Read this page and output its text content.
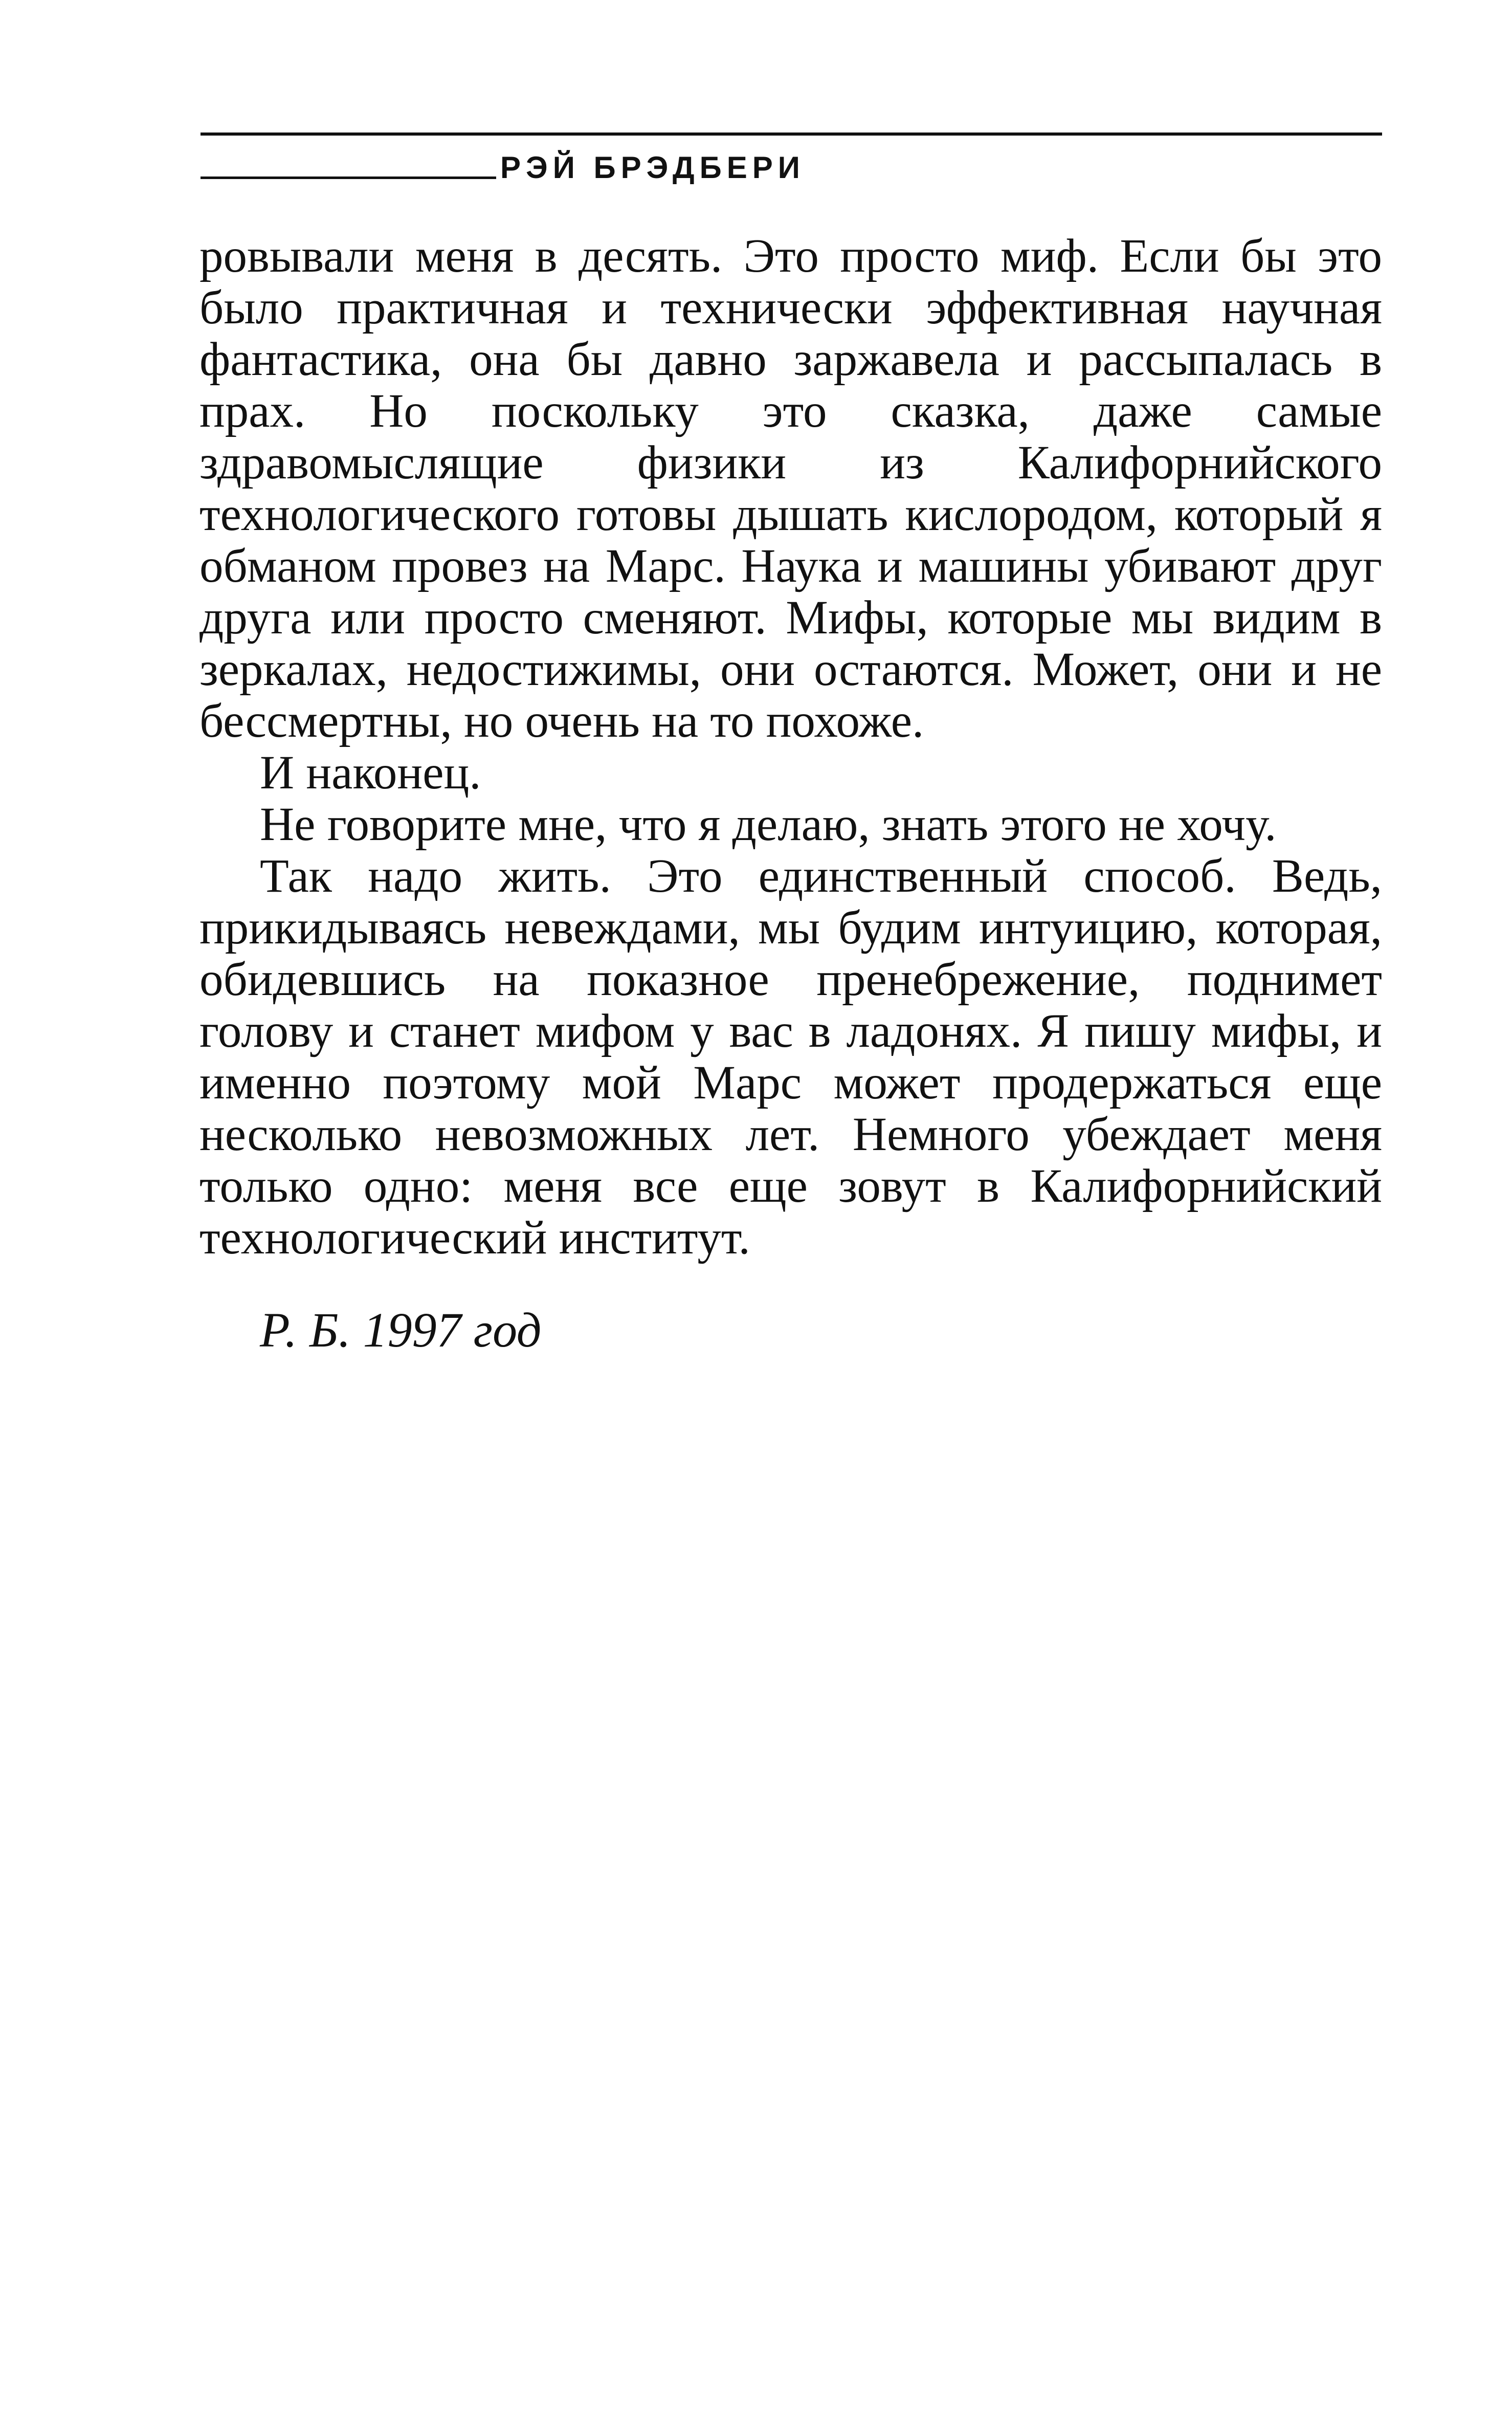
РЭЙ БРЭДБЕРИ

ровывали меня в десять. Это просто миф. Если бы это было практичная и технически эффективная научная фантастика, она бы давно заржавела и рассыпалась в прах. Но поскольку это сказка, даже самые здравомыслящие физики из Калифорнийского технологического готовы дышать кислородом, который я обманом провез на Марс. Наука и машины убивают друг друга или просто сменяют. Мифы, которые мы видим в зеркалах, недостижимы, они остаются. Может, они и не бессмертны, но очень на то похоже.

И наконец.

Не говорите мне, что я делаю, знать этого не хочу.

Так надо жить. Это единственный способ. Ведь, прикидываясь невеждами, мы будим интуицию, которая, обидевшись на показное пренебрежение, поднимет голову и станет мифом у вас в ладонях. Я пишу мифы, и именно поэтому мой Марс может продержаться еще несколько невозможных лет. Немного убеждает меня только одно: меня все еще зовут в Калифорнийский технологический институт.

Р. Б. 1997 год
